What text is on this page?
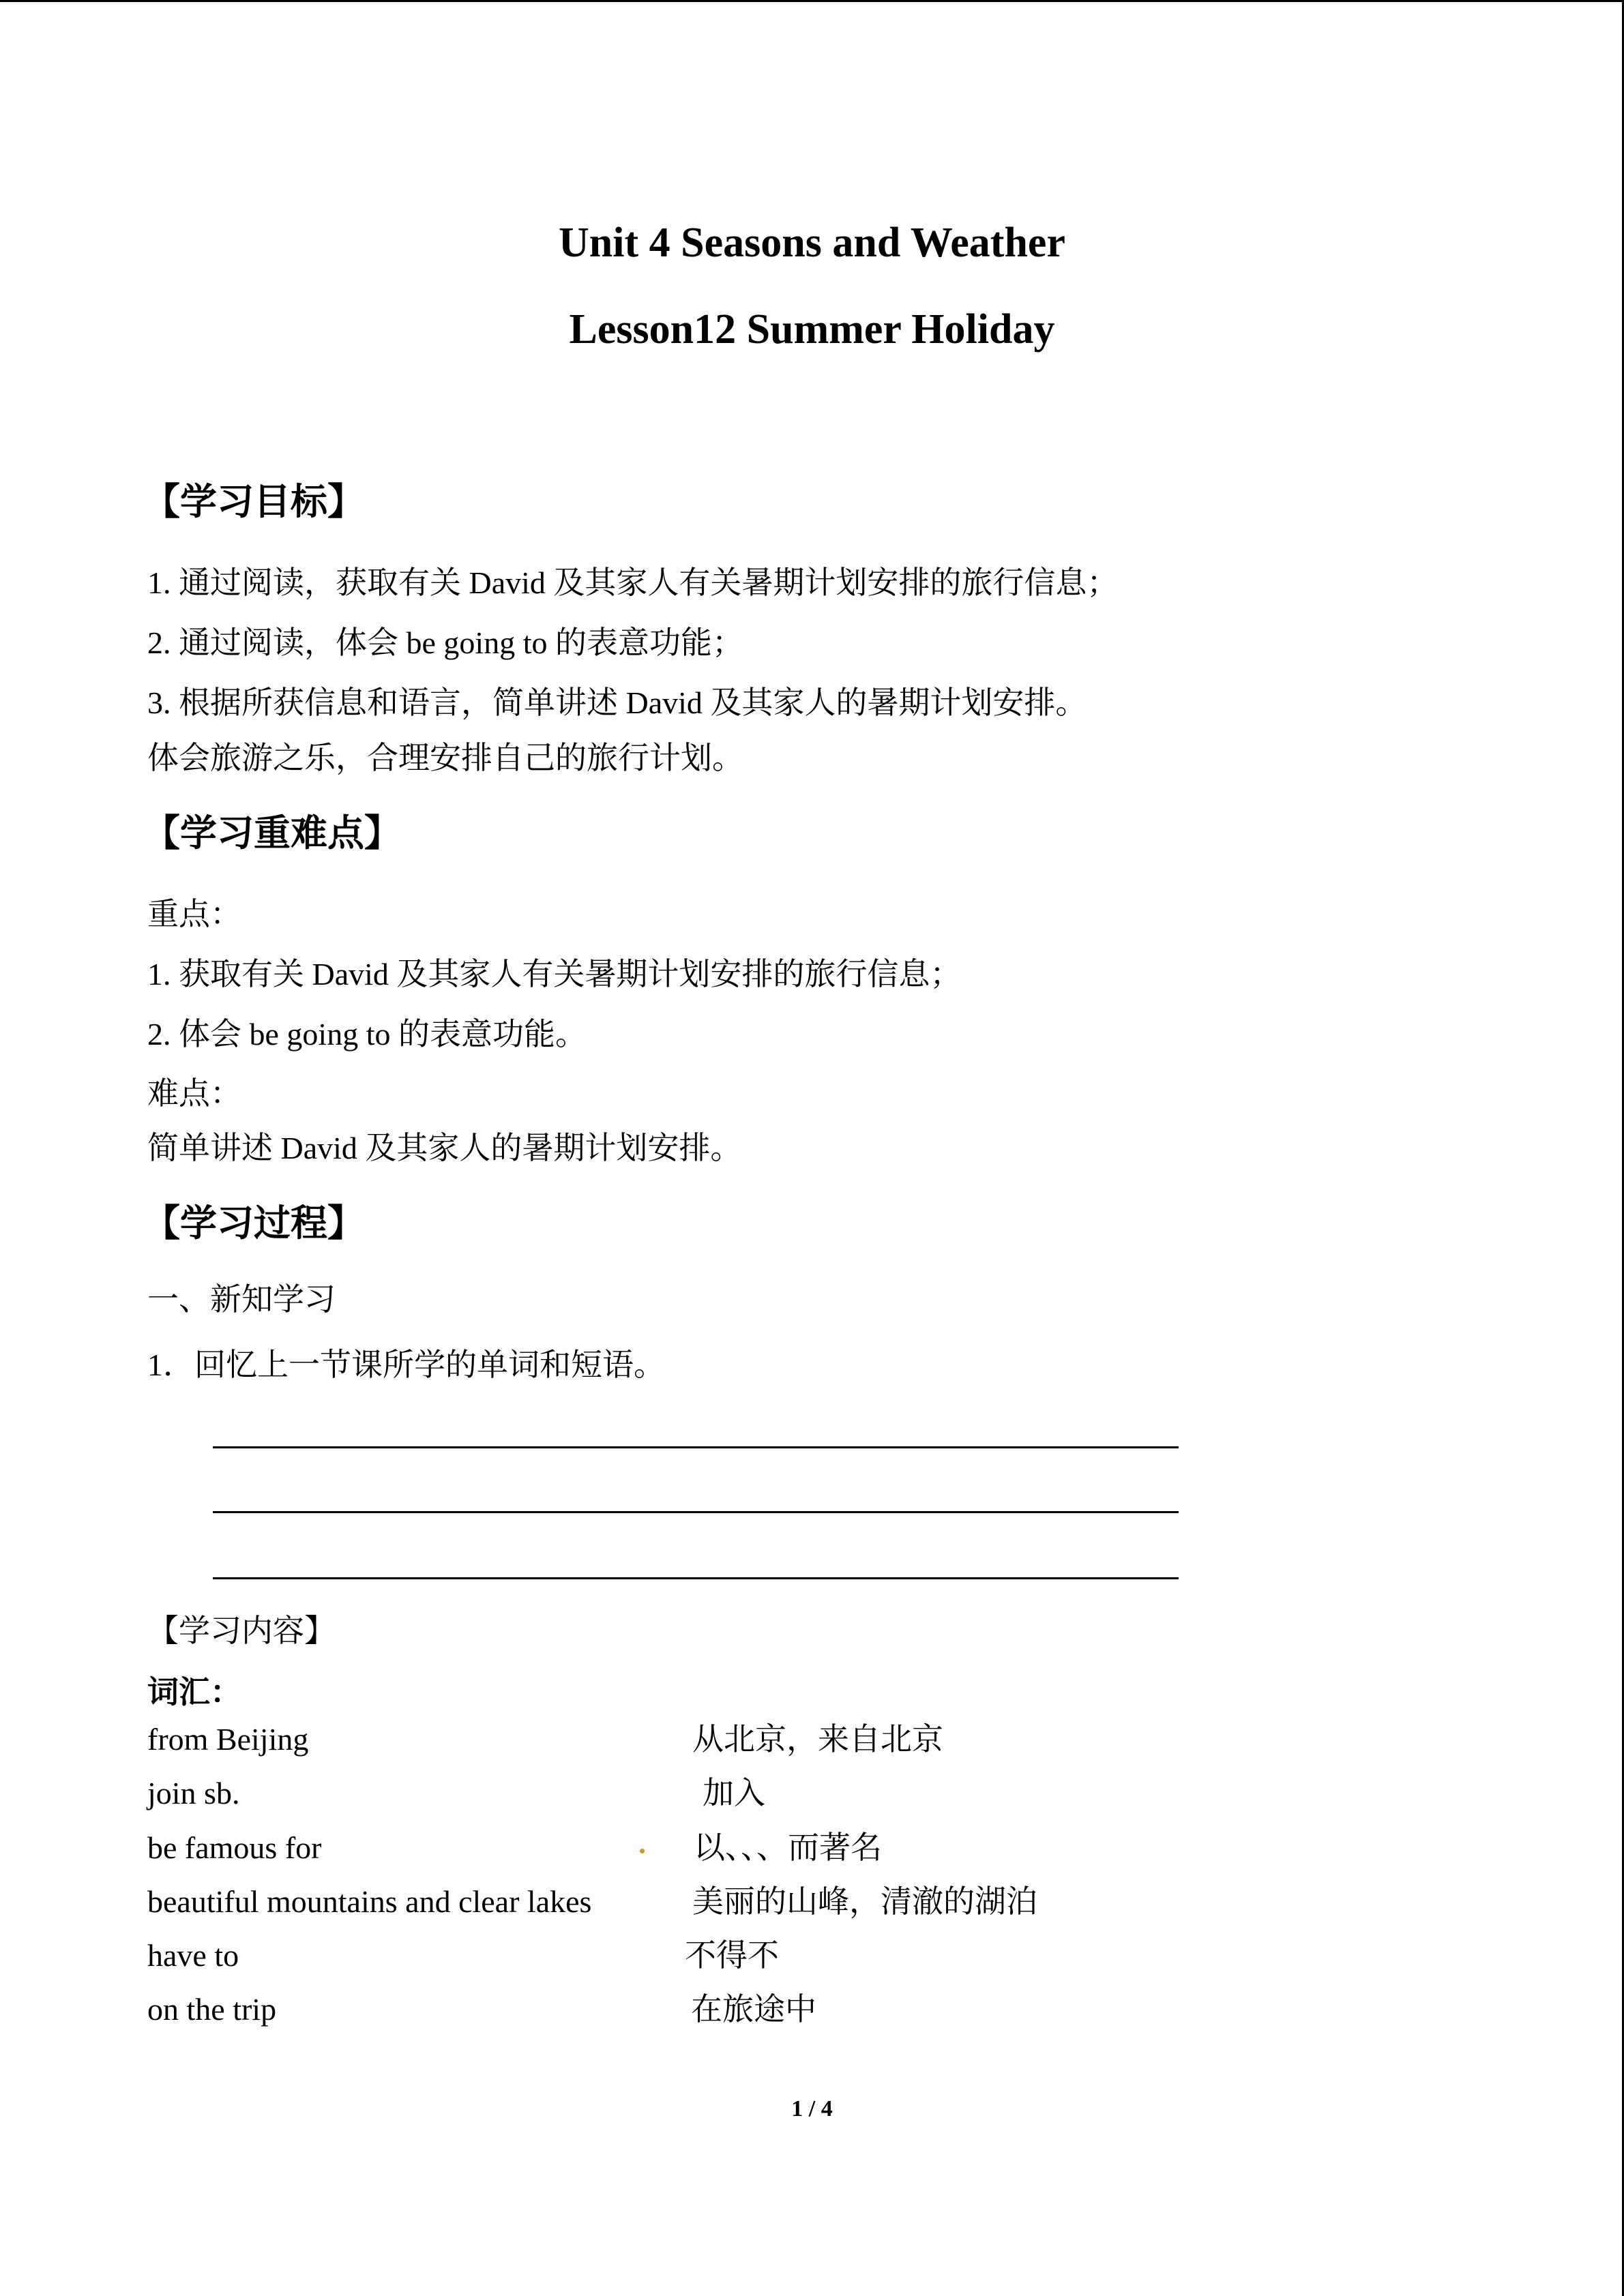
Unit 4 Seasons and Weather
Lesson12 Summer Holiday
【学习目标】
1. 通过阅读，获取有关 David 及其家人有关暑期计划安排的旅行信息；
2. 通过阅读，体会 be going to 的表意功能；
3. 根据所获信息和语言，简单讲述 David 及其家人的暑期计划安排。
体会旅游之乐，合理安排自己的旅行计划。
【学习重难点】
重点：
1. 获取有关 David 及其家人有关暑期计划安排的旅行信息；
2. 体会 be going to 的表意功能。
难点：
简单讲述 David 及其家人的暑期计划安排。
【学习过程】
一、新知学习
1．回忆上一节课所学的单词和短语。
【学习内容】
词汇：
from Beijing	从北京，来自北京
join sb.	加入
be famous for	以、、、而著名
beautiful mountains and clear lakes	美丽的山峰，清澈的湖泊
have to	不得不
on the trip	在旅途中
1 / 4
